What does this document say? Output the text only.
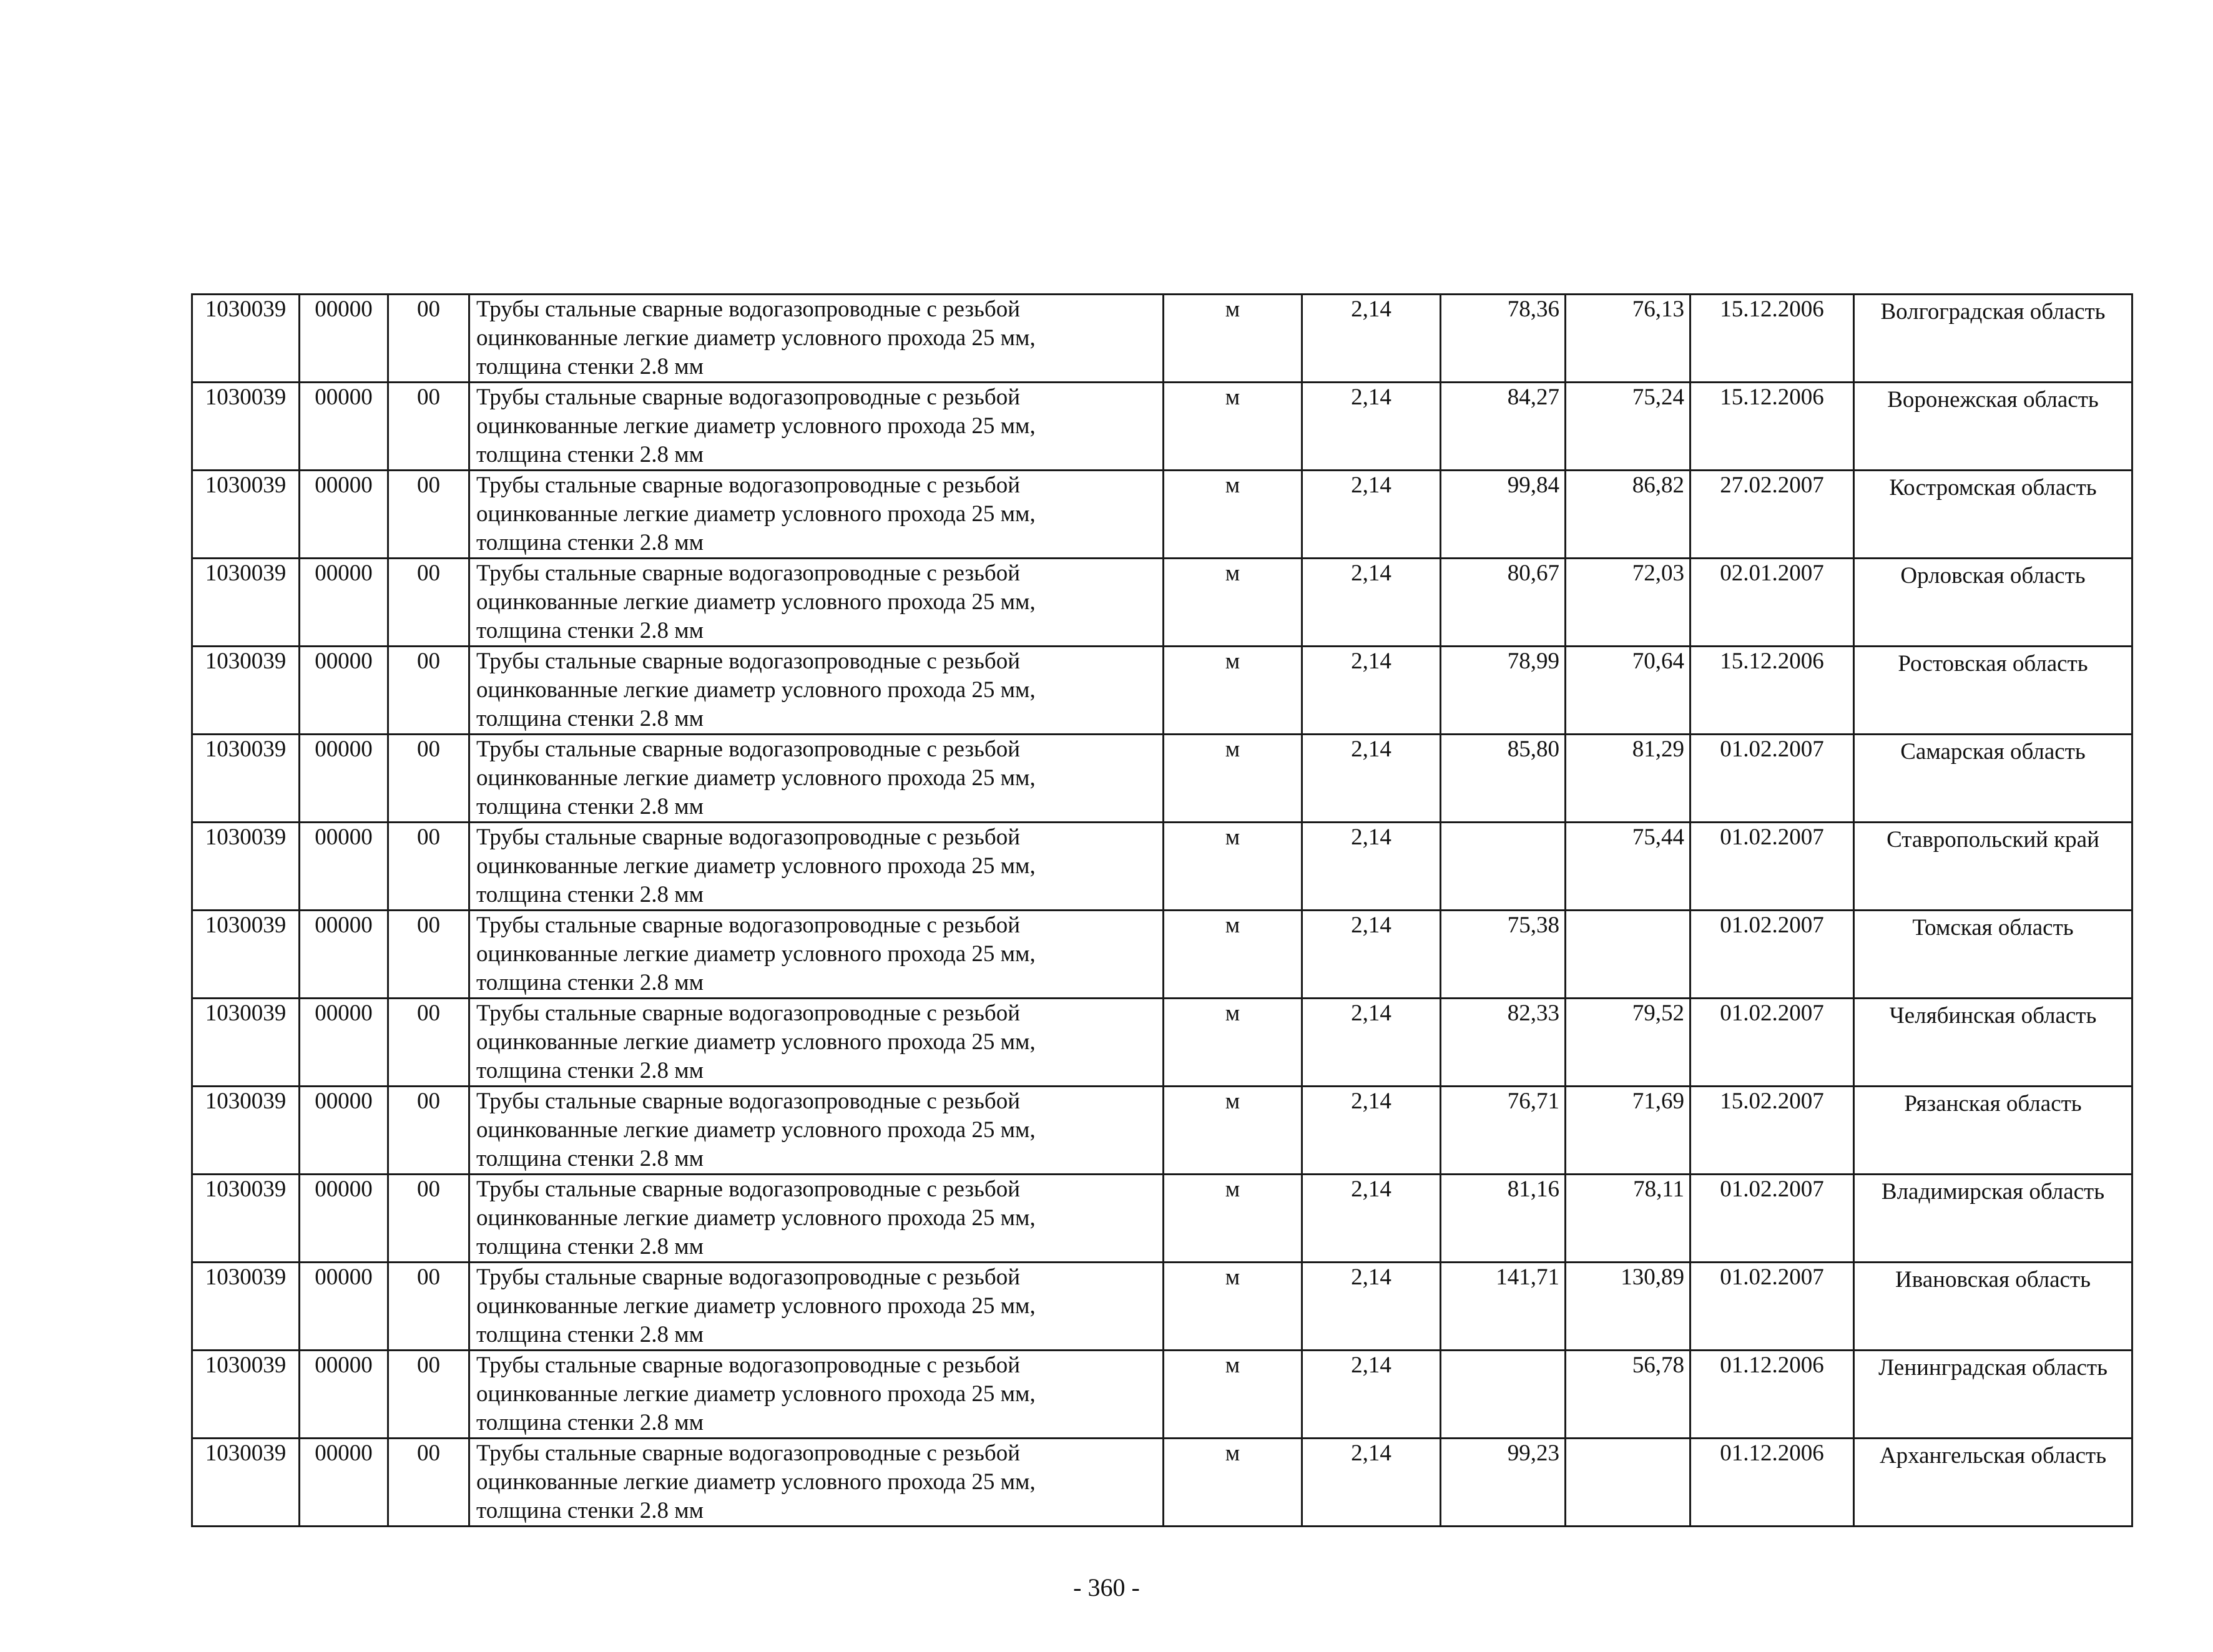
1030039	00000	00	Трубы стальные сварные водогазопроводные с резьбой
оцинкованные легкие диаметр условного прохода 25 мм,
толщина стенки 2.8 мм	м	2,14	78,36	76,13	15.12.2006	Волгоградская область
1030039	00000	00	Трубы стальные сварные водогазопроводные с резьбой
оцинкованные легкие диаметр условного прохода 25 мм,
толщина стенки 2.8 мм	м	2,14	84,27	75,24	15.12.2006	Воронежская область
1030039	00000	00	Трубы стальные сварные водогазопроводные с резьбой
оцинкованные легкие диаметр условного прохода 25 мм,
толщина стенки 2.8 мм	м	2,14	99,84	86,82	27.02.2007	Костромская область
1030039	00000	00	Трубы стальные сварные водогазопроводные с резьбой
оцинкованные легкие диаметр условного прохода 25 мм,
толщина стенки 2.8 мм	м	2,14	80,67	72,03	02.01.2007	Орловская область
1030039	00000	00	Трубы стальные сварные водогазопроводные с резьбой
оцинкованные легкие диаметр условного прохода 25 мм,
толщина стенки 2.8 мм	м	2,14	78,99	70,64	15.12.2006	Ростовская область
1030039	00000	00	Трубы стальные сварные водогазопроводные с резьбой
оцинкованные легкие диаметр условного прохода 25 мм,
толщина стенки 2.8 мм	м	2,14	85,80	81,29	01.02.2007	Самарская область
1030039	00000	00	Трубы стальные сварные водогазопроводные с резьбой
оцинкованные легкие диаметр условного прохода 25 мм,
толщина стенки 2.8 мм	м	2,14		75,44	01.02.2007	Ставропольский край
1030039	00000	00	Трубы стальные сварные водогазопроводные с резьбой
оцинкованные легкие диаметр условного прохода 25 мм,
толщина стенки 2.8 мм	м	2,14	75,38		01.02.2007	Томская область
1030039	00000	00	Трубы стальные сварные водогазопроводные с резьбой
оцинкованные легкие диаметр условного прохода 25 мм,
толщина стенки 2.8 мм	м	2,14	82,33	79,52	01.02.2007	Челябинская область
1030039	00000	00	Трубы стальные сварные водогазопроводные с резьбой
оцинкованные легкие диаметр условного прохода 25 мм,
толщина стенки 2.8 мм	м	2,14	76,71	71,69	15.02.2007	Рязанская область
1030039	00000	00	Трубы стальные сварные водогазопроводные с резьбой
оцинкованные легкие диаметр условного прохода 25 мм,
толщина стенки 2.8 мм	м	2,14	81,16	78,11	01.02.2007	Владимирская область
1030039	00000	00	Трубы стальные сварные водогазопроводные с резьбой
оцинкованные легкие диаметр условного прохода 25 мм,
толщина стенки 2.8 мм	м	2,14	141,71	130,89	01.02.2007	Ивановская область
1030039	00000	00	Трубы стальные сварные водогазопроводные с резьбой
оцинкованные легкие диаметр условного прохода 25 мм,
толщина стенки 2.8 мм	м	2,14		56,78	01.12.2006	Ленинградская область
1030039	00000	00	Трубы стальные сварные водогазопроводные с резьбой
оцинкованные легкие диаметр условного прохода 25 мм,
толщина стенки 2.8 мм	м	2,14	99,23		01.12.2006	Архангельская область
- 360 -
